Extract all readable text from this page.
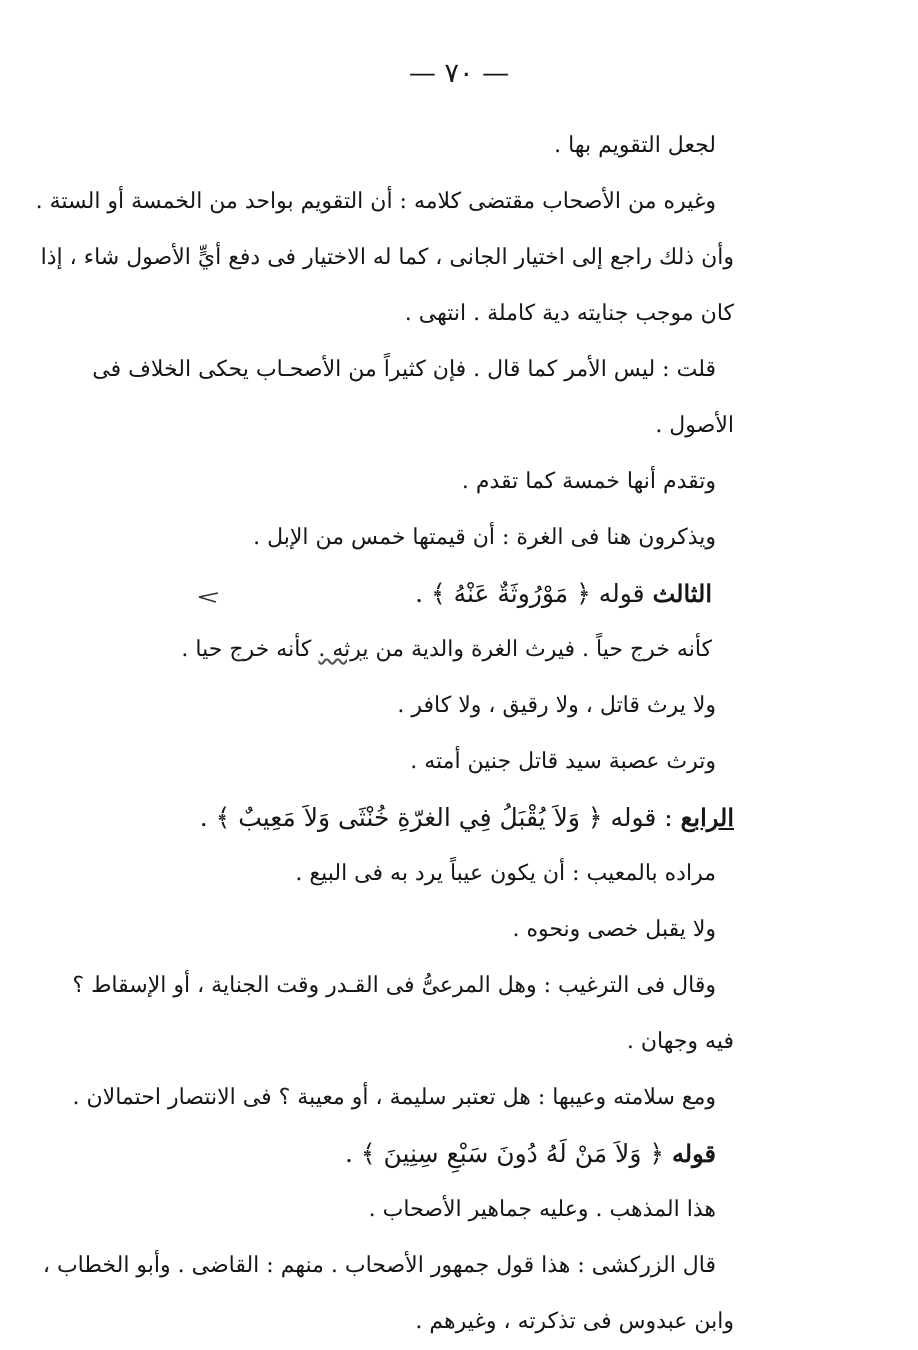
— ٧٠ —
لجعل التقويم بها .
وغيره من الأصحاب مقتضى كلامه : أن التقويم بواحد من الخمسة أو الستة .
وأن ذلك راجع إلى اختيار الجانى ، كما له الاختيار فى دفع أيٍّ الأصول شاء ، إذا
كان موجب جنايته دية كاملة . انتهى .
قلت : ليس الأمر كما قال . فإن كثيراً من الأصحـاب يحكى الخلاف فى
الأصول .
وتقدم أنها خمسة كما تقدم .
ويذكرون هنا فى الغرة : أن قيمتها خمس من الإبل .
الثالث قوله ﴿ مَوْرُوثَةٌ عَنْهُ ﴾ .
كأنه خرج حياً . فيرث الغرة والدية من يرثه . كأنه خرج حيا .
ولا يرث قاتل ، ولا رقيق ، ولا كافر .
وترث عصبة سيد قاتل جنين أمته .
الرابع : قوله ﴿ وَلاَ يُقْبَلُ فِي الغرّةِ خُنْثَى وَلاَ مَعِيبٌ ﴾ .
مراده بالمعيب : أن يكون عيباً يرد به فى البيع .
ولا يقبل خصى ونحوه .
وقال فى الترغيب : وهل المرعىُّ فى القـدر وقت الجناية ، أو الإسقاط ؟
فيه وجهان .
ومع سلامته وعيبها : هل تعتبر سليمة ، أو معيبة ؟ فى الانتصار احتمالان .
قوله ﴿ وَلاَ مَنْ لَهُ دُونَ سَبْعِ سِنِينَ ﴾ .
هذا المذهب . وعليه جماهير الأصحاب .
قال الزركشى : هذا قول جمهور الأصحاب . منهم : القاضى . وأبو الخطاب ،
وابن عبدوس فى تذكرته ، وغيرهم .
